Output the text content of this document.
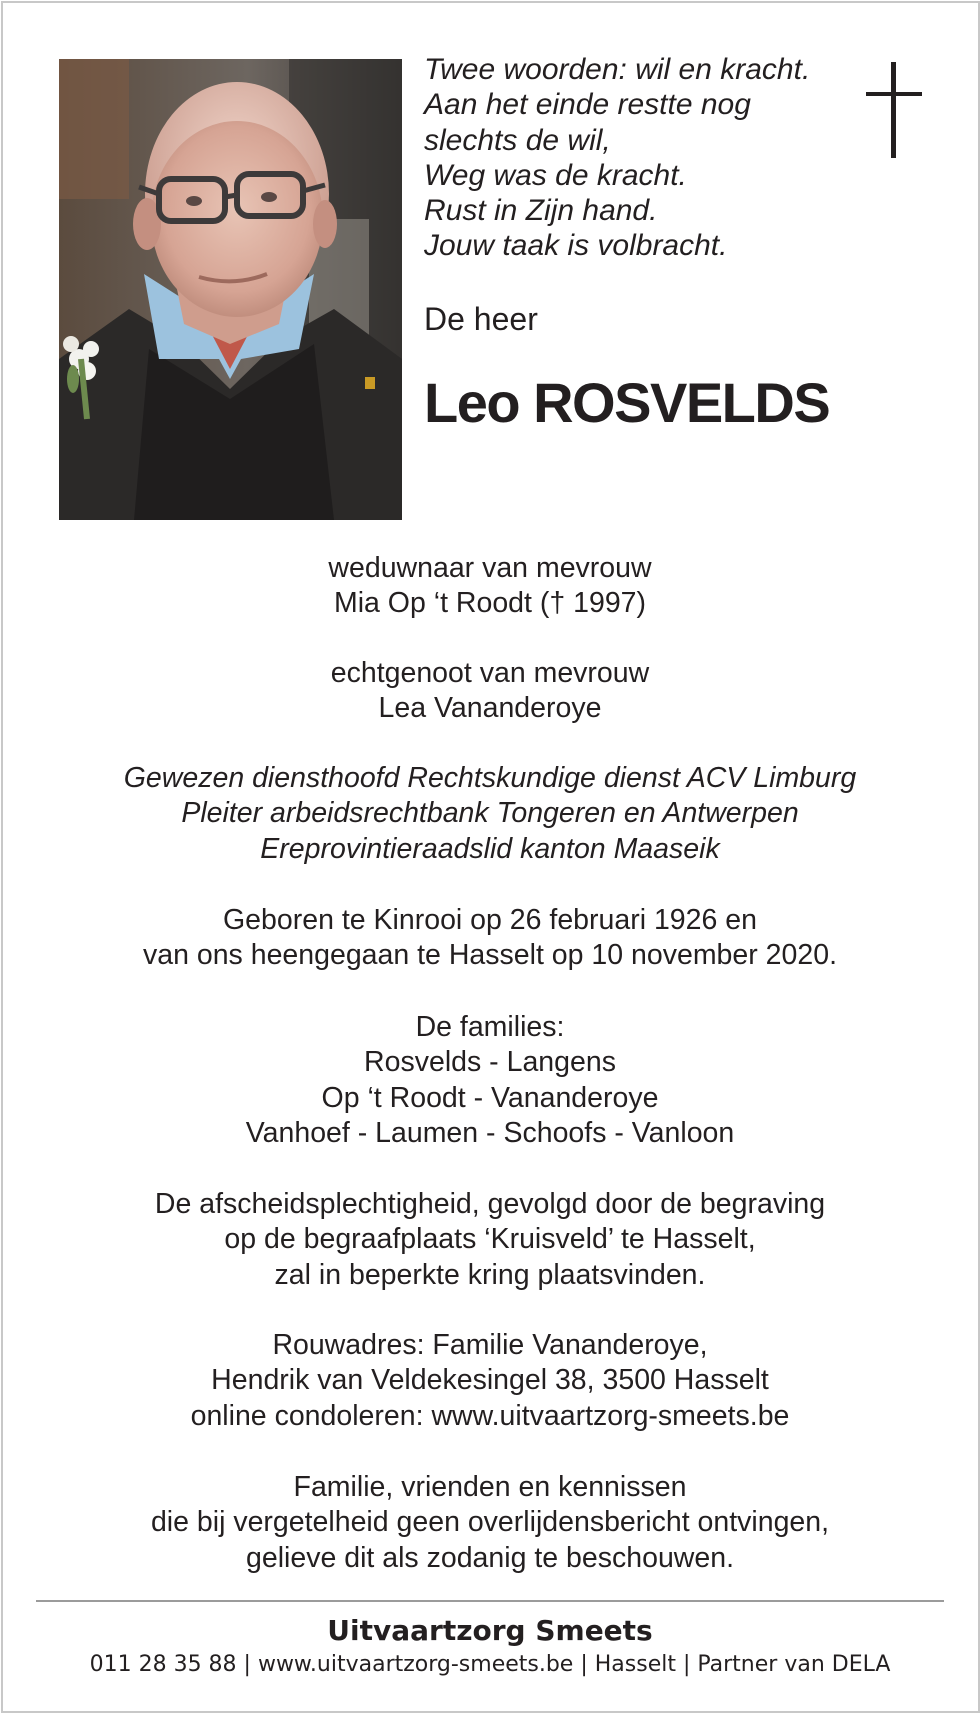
Twee woorden: wil en kracht.
Aan het einde restte nog
slechts de wil,
Weg was de kracht.
Rust in Zijn hand.
Jouw taak is volbracht.
De heer
Leo ROSVELDS
weduwnaar van mevrouw
Mia Op ‘t Roodt († 1997)
echtgenoot van mevrouw
Lea Vananderoye
Gewezen diensthoofd Rechtskundige dienst ACV Limburg
Pleiter arbeidsrechtbank Tongeren en Antwerpen
Ereprovintieraadslid kanton Maaseik
Geboren te Kinrooi op 26 februari 1926 en
van ons heengegaan te Hasselt op 10 november 2020.
De families:
Rosvelds - Langens
Op ‘t Roodt - Vananderoye
Vanhoef - Laumen - Schoofs - Vanloon
De afscheidsplechtigheid, gevolgd door de begraving
op de begraafplaats ‘Kruisveld’ te Hasselt,
zal in beperkte kring plaatsvinden.
Rouwadres: Familie Vananderoye,
Hendrik van Veldekesingel 38, 3500 Hasselt
online condoleren: www.uitvaartzorg-smeets.be
Familie, vrienden en kennissen
die bij vergetelheid geen overlijdensbericht ontvingen,
gelieve dit als zodanig te beschouwen.
Uitvaartzorg Smeets
011 28 35 88 | www.uitvaartzorg-smeets.be | Hasselt | Partner van DELA
